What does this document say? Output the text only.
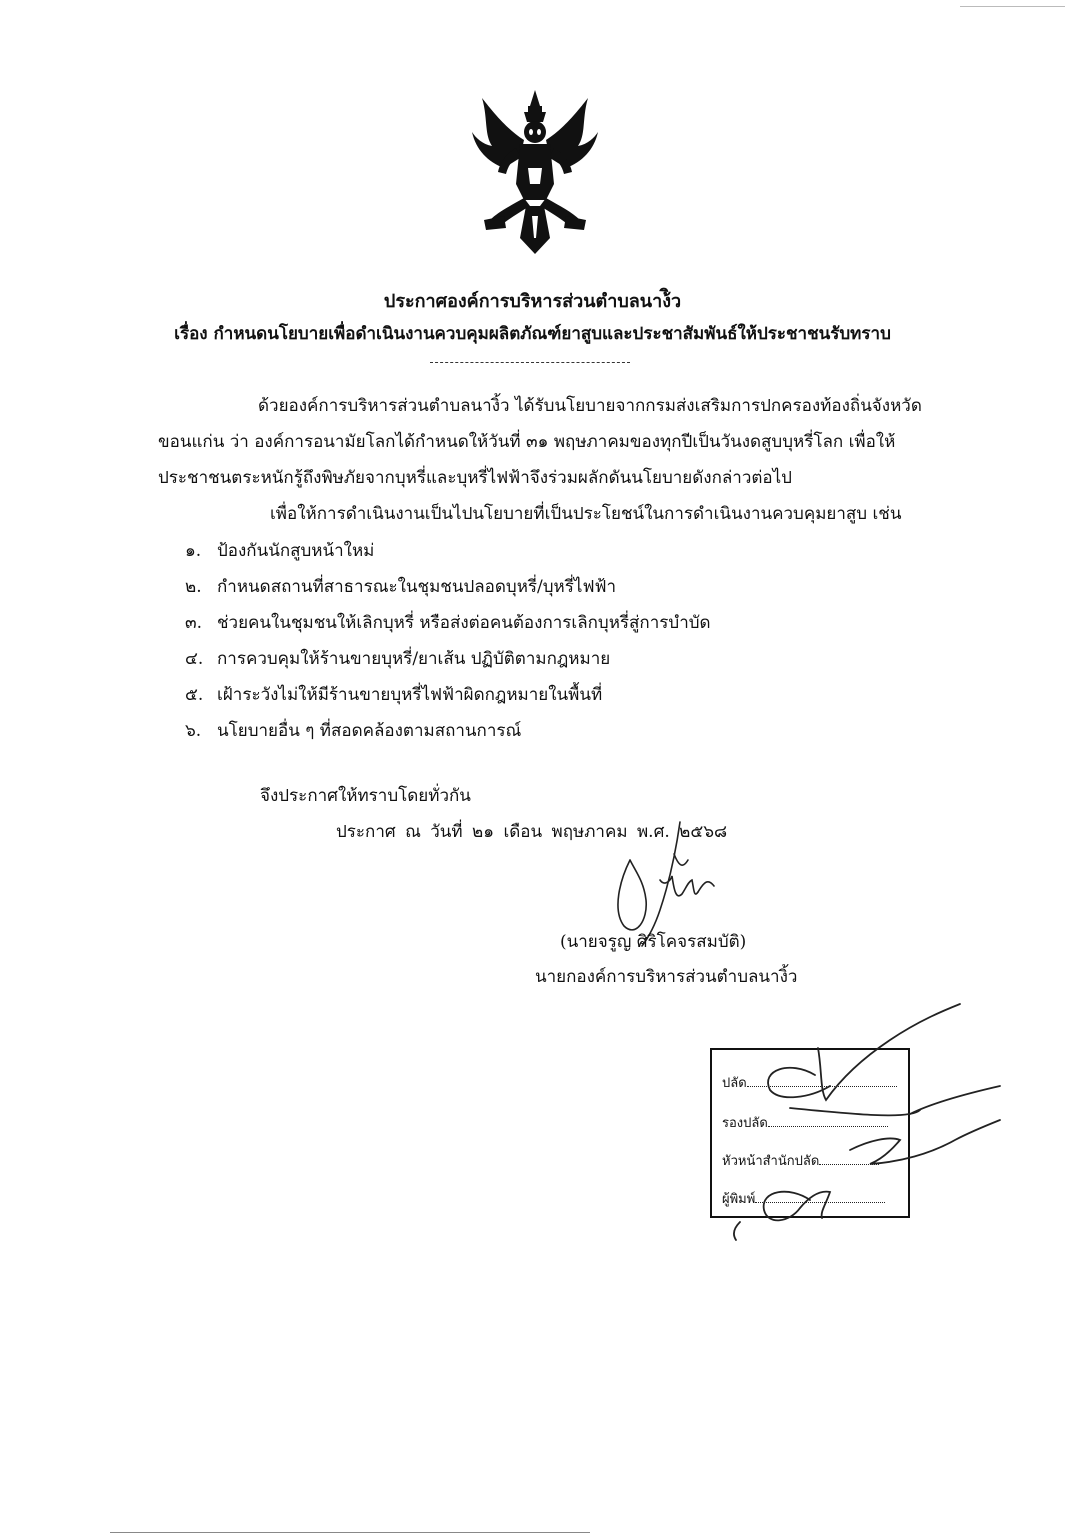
ประกาศองค์การบริหารส่วนตำบลนาง้ิว
เรื่อง กำหนดนโยบายเพื่อดำเนินงานควบคุมผลิตภัณฑ์ยาสูบและประชาสัมพันธ์ให้ประชาชนรับทราบ
ด้วยองค์การบริหารส่วนตำบลนางิ้ว ได้รับนโยบายจากกรมส่งเสริมการปกครองท้องถิ่นจังหวัด
ขอนแก่น ว่า องค์การอนามัยโลกได้กำหนดให้วันที่ ๓๑ พฤษภาคมของทุกปีเป็นวันงดสูบบุหรี่โลก เพื่อให้
ประชาชนตระหนักรู้ถึงพิษภัยจากบุหรี่และบุหรี่ไฟฟ้าจึงร่วมผลักดันนโยบายดังกล่าวต่อไป
เพื่อให้การดำเนินงานเป็นไปนโยบายที่เป็นประโยชน์ในการดำเนินงานควบคุมยาสูบ เช่น
๑. ป้องกันนักสูบหน้าใหม่
๒. กำหนดสถานที่สาธารณะในชุมชนปลอดบุหรี่/บุหรี่ไฟฟ้า
๓. ช่วยคนในชุมชนให้เลิกบุหรี่ หรือส่งต่อคนต้องการเลิกบุหรี่สู่การบำบัด
๔. การควบคุมให้ร้านขายบุหรี่/ยาเส้น ปฏิบัติตามกฎหมาย
๕. เฝ้าระวังไม่ให้มีร้านขายบุหรี่ไฟฟ้าผิดกฎหมายในพื้นที่
๖. นโยบายอื่น ๆ ที่สอดคล้องตามสถานการณ์
จึงประกาศให้ทราบโดยทั่วกัน
ประกาศ ณ วันที่ ๒๑ เดือน พฤษภาคม พ.ศ. ๒๕๖๘
(นายจรูญ ศิริโคจรสมบัติ)
นายกองค์การบริหารส่วนตำบลนางิ้ว
ปลัด
รองปลัด
หัวหน้าสำนักปลัด
ผู้พิมพ์
